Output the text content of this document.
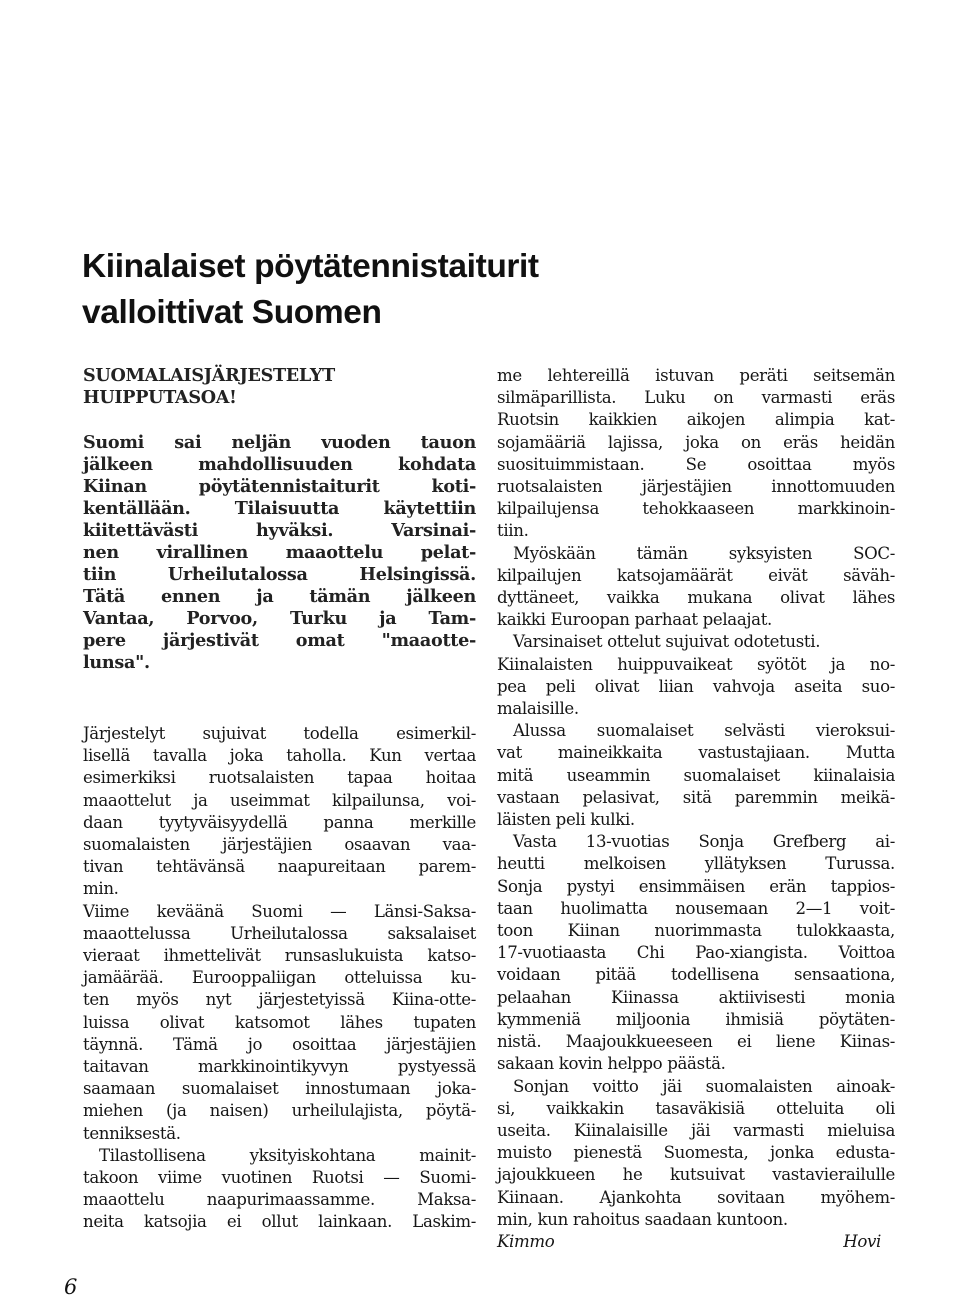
Kiinalaiset pöytätennistaiturit
valloittivat Suomen
SUOMALAISJÄRJESTELYT
HUIPPUTASOA!
Suomi sai neljän vuoden tauon
jälkeen mahdollisuuden kohdata
Kiinan pöytätennistaiturit koti-
kentällään. Tilaisuutta käytettiin
kiitettävästi hyväksi. Varsinai-
nen virallinen maaottelu pelat-
tiin Urheilutalossa Helsingissä.
Tätä ennen ja tämän jälkeen
Vantaa, Porvoo, Turku ja Tam-
pere järjestivät omat "maaotte-
lunsa".
Järjestelyt sujuivat todella esimerkil-
lisellä tavalla joka taholla. Kun vertaa
esimerkiksi ruotsalaisten tapaa hoitaa
maaottelut ja useimmat kilpailunsa, voi-
daan tyytyväisyydellä panna merkille
suomalaisten järjestäjien osaavan vaa-
tivan tehtävänsä naapureitaan parem-
min.
Viime keväänä Suomi — Länsi-Saksa-
maaottelussa Urheilutalossa saksalaiset
vieraat ihmettelivät runsaslukuista katso-
jamäärää. Eurooppaliigan otteluissa ku-
ten myös nyt järjestetyissä Kiina-otte-
luissa olivat katsomot lähes tupaten
täynnä. Tämä jo osoittaa järjestäjien
taitavan markkinointikyvyn pystyessä
saamaan suomalaiset innostumaan joka-
miehen (ja naisen) urheilulajista, pöytä-
tenniksestä.
Tilastollisena yksityiskohtana mainit-
takoon viime vuotinen Ruotsi — Suomi-
maaottelu naapurimaassamme. Maksa-
neita katsojia ei ollut lainkaan. Laskim-
me lehtereillä istuvan peräti seitsemän
silmäparillista. Luku on varmasti eräs
Ruotsin kaikkien aikojen alimpia kat-
sojamääriä lajissa, joka on eräs heidän
suosituimmistaan. Se osoittaa myös
ruotsalaisten järjestäjien innottomuuden
kilpailujensa tehokkaaseen markkinoin-
tiin.
Myöskään tämän syksyisten SOC-
kilpailujen katsojamäärät eivät säväh-
dyttäneet, vaikka mukana olivat lähes
kaikki Euroopan parhaat pelaajat.
Varsinaiset ottelut sujuivat odotetusti.
Kiinalaisten huippuvaikeat syötöt ja no-
pea peli olivat liian vahvoja aseita suo-
malaisille.
Alussa suomalaiset selvästi vieroksui-
vat maineikkaita vastustajiaan. Mutta
mitä useammin suomalaiset kiinalaisia
vastaan pelasivat, sitä paremmin meikä-
läisten peli kulki.
Vasta 13-vuotias Sonja Grefberg ai-
heutti melkoisen yllätyksen Turussa.
Sonja pystyi ensimmäisen erän tappios-
taan huolimatta nousemaan 2—1 voit-
toon Kiinan nuorimmasta tulokkaasta,
17-vuotiaasta Chi Pao-xiangista. Voittoa
voidaan pitää todellisena sensaationa,
pelaahan Kiinassa aktiivisesti monia
kymmeniä miljoonia ihmisiä pöytäten-
nistä. Maajoukkueeseen ei liene Kiinas-
sakaan kovin helppo päästä.
Sonjan voitto jäi suomalaisten ainoak-
si, vaikkakin tasaväkisiä otteluita oli
useita. Kiinalaisille jäi varmasti mieluisa
muisto pienestä Suomesta, jonka edusta-
jajoukkueen he kutsuivat vastavierailulle
Kiinaan. Ajankohta sovitaan myöhem-
min, kun rahoitus saadaan kuntoon.
Kimmo Hovi
6
